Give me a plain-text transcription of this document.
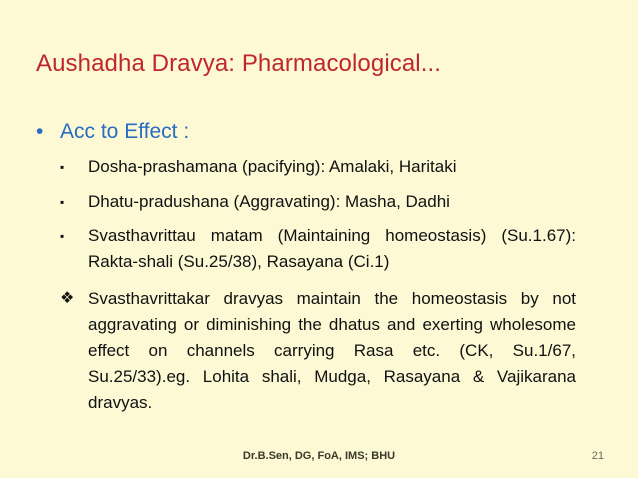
Aushadha Dravya: Pharmacological...
• Acc to Effect :
▪ Dosha-prashamana (pacifying): Amalaki, Haritaki
▪ Dhatu-pradushana (Aggravating): Masha, Dadhi
▪ Svasthavrittau matam (Maintaining homeostasis) (Su.1.67): Rakta-shali (Su.25/38), Rasayana (Ci.1)
❖ Svasthavrittakar dravyas maintain the homeostasis by not aggravating or diminishing the dhatus and exerting wholesome effect on channels carrying Rasa etc. (CK, Su.1/67, Su.25/33).eg. Lohita shali, Mudga, Rasayana & Vajikarana dravyas.
Dr.B.Sen, DG, FoA, IMS; BHU	21
